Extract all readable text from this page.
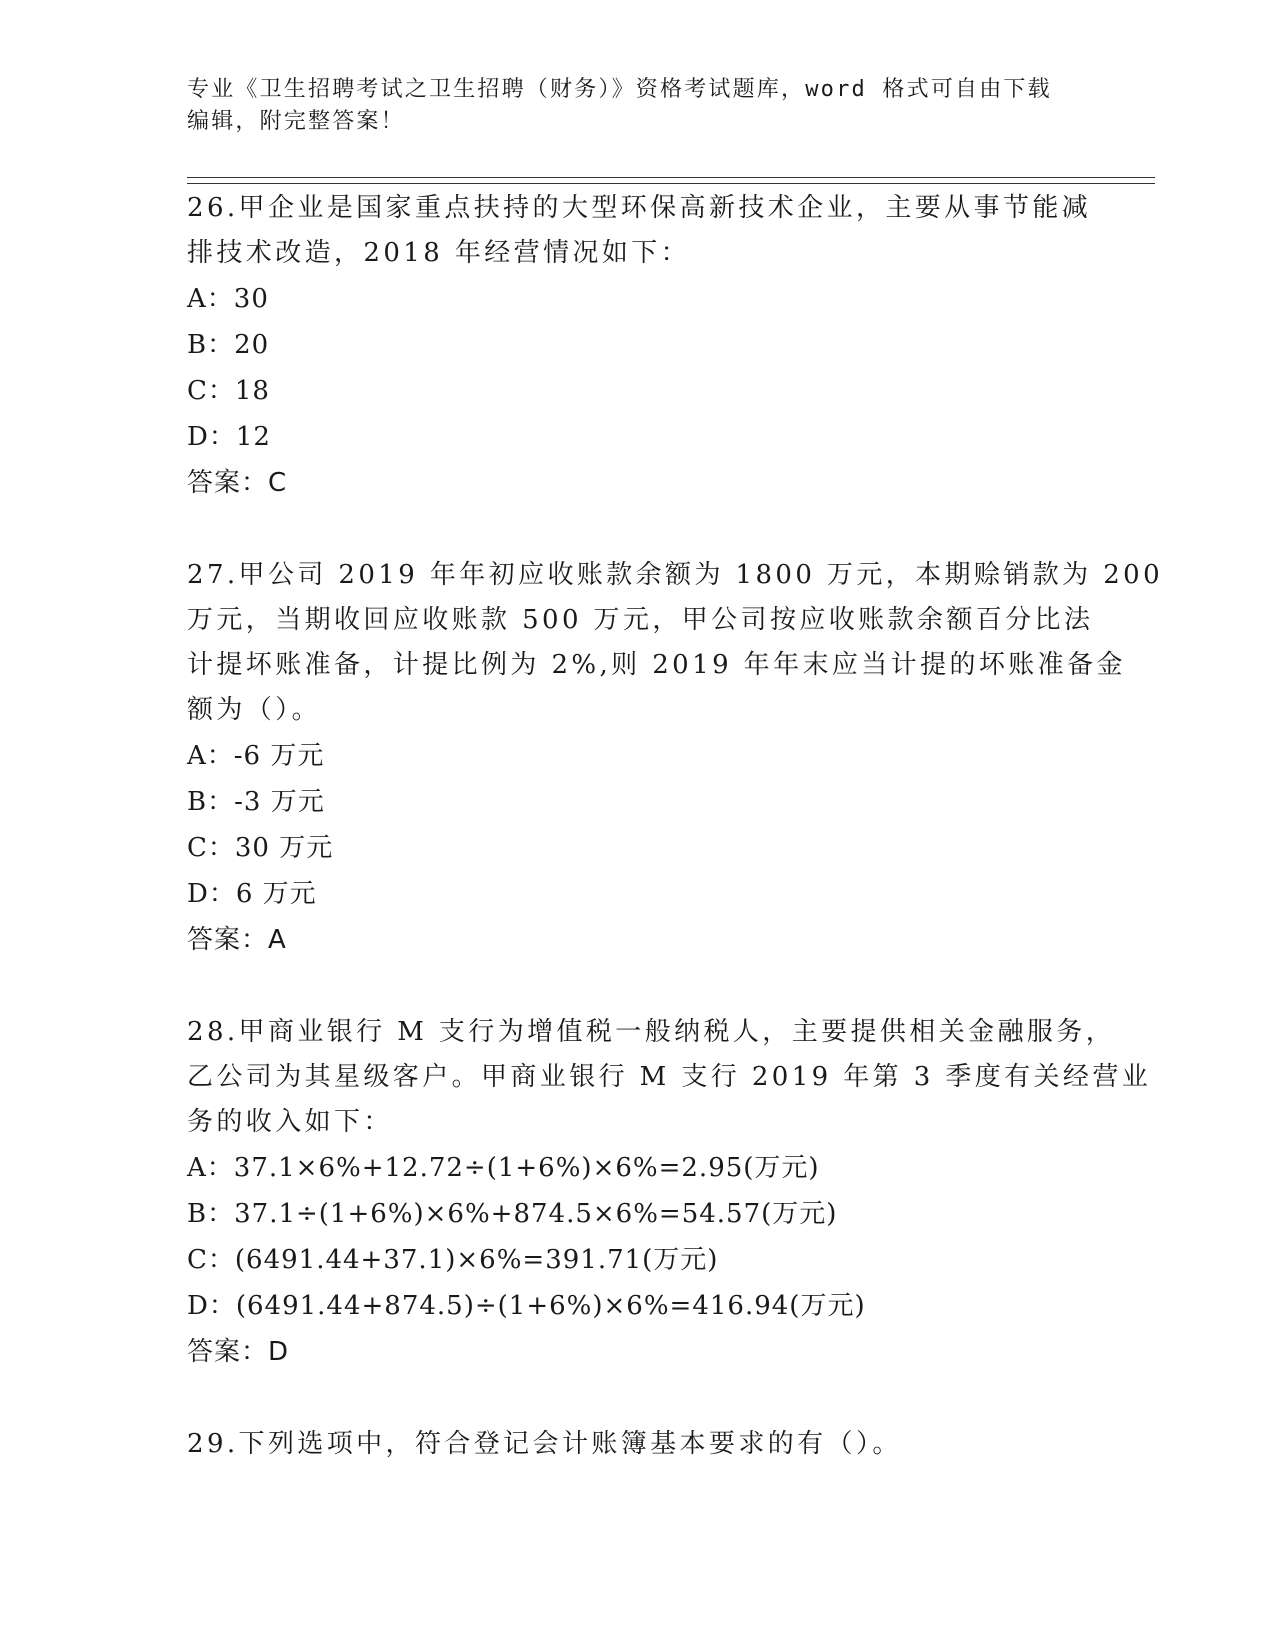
专业《卫生招聘考试之卫生招聘（财务）》资格考试题库，word 格式可自由下载
编辑，附完整答案！
26.甲企业是国家重点扶持的大型环保高新技术企业，主要从事节能减
排技术改造，2018 年经营情况如下：
A：30
B：20
C：18
D：12
答案：C
27.甲公司 2019 年年初应收账款余额为 1800 万元，本期赊销款为 200
万元，当期收回应收账款 500 万元，甲公司按应收账款余额百分比法
计提坏账准备，计提比例为 2%,则 2019 年年末应当计提的坏账准备金
额为（）。
A：-6 万元
B：-3 万元
C：30 万元
D：6 万元
答案：A
28.甲商业银行 M 支行为增值税一般纳税人，主要提供相关金融服务，
乙公司为其星级客户。甲商业银行 M 支行 2019 年第 3 季度有关经营业
务的收入如下：
A：37.1×6%+12.72÷(1+6%)×6%=2.95(万元)
B：37.1÷(1+6%)×6%+874.5×6%=54.57(万元)
C：(6491.44+37.1)×6%=391.71(万元)
D：(6491.44+874.5)÷(1+6%)×6%=416.94(万元)
答案：D
29.下列选项中，符合登记会计账簿基本要求的有（）。
